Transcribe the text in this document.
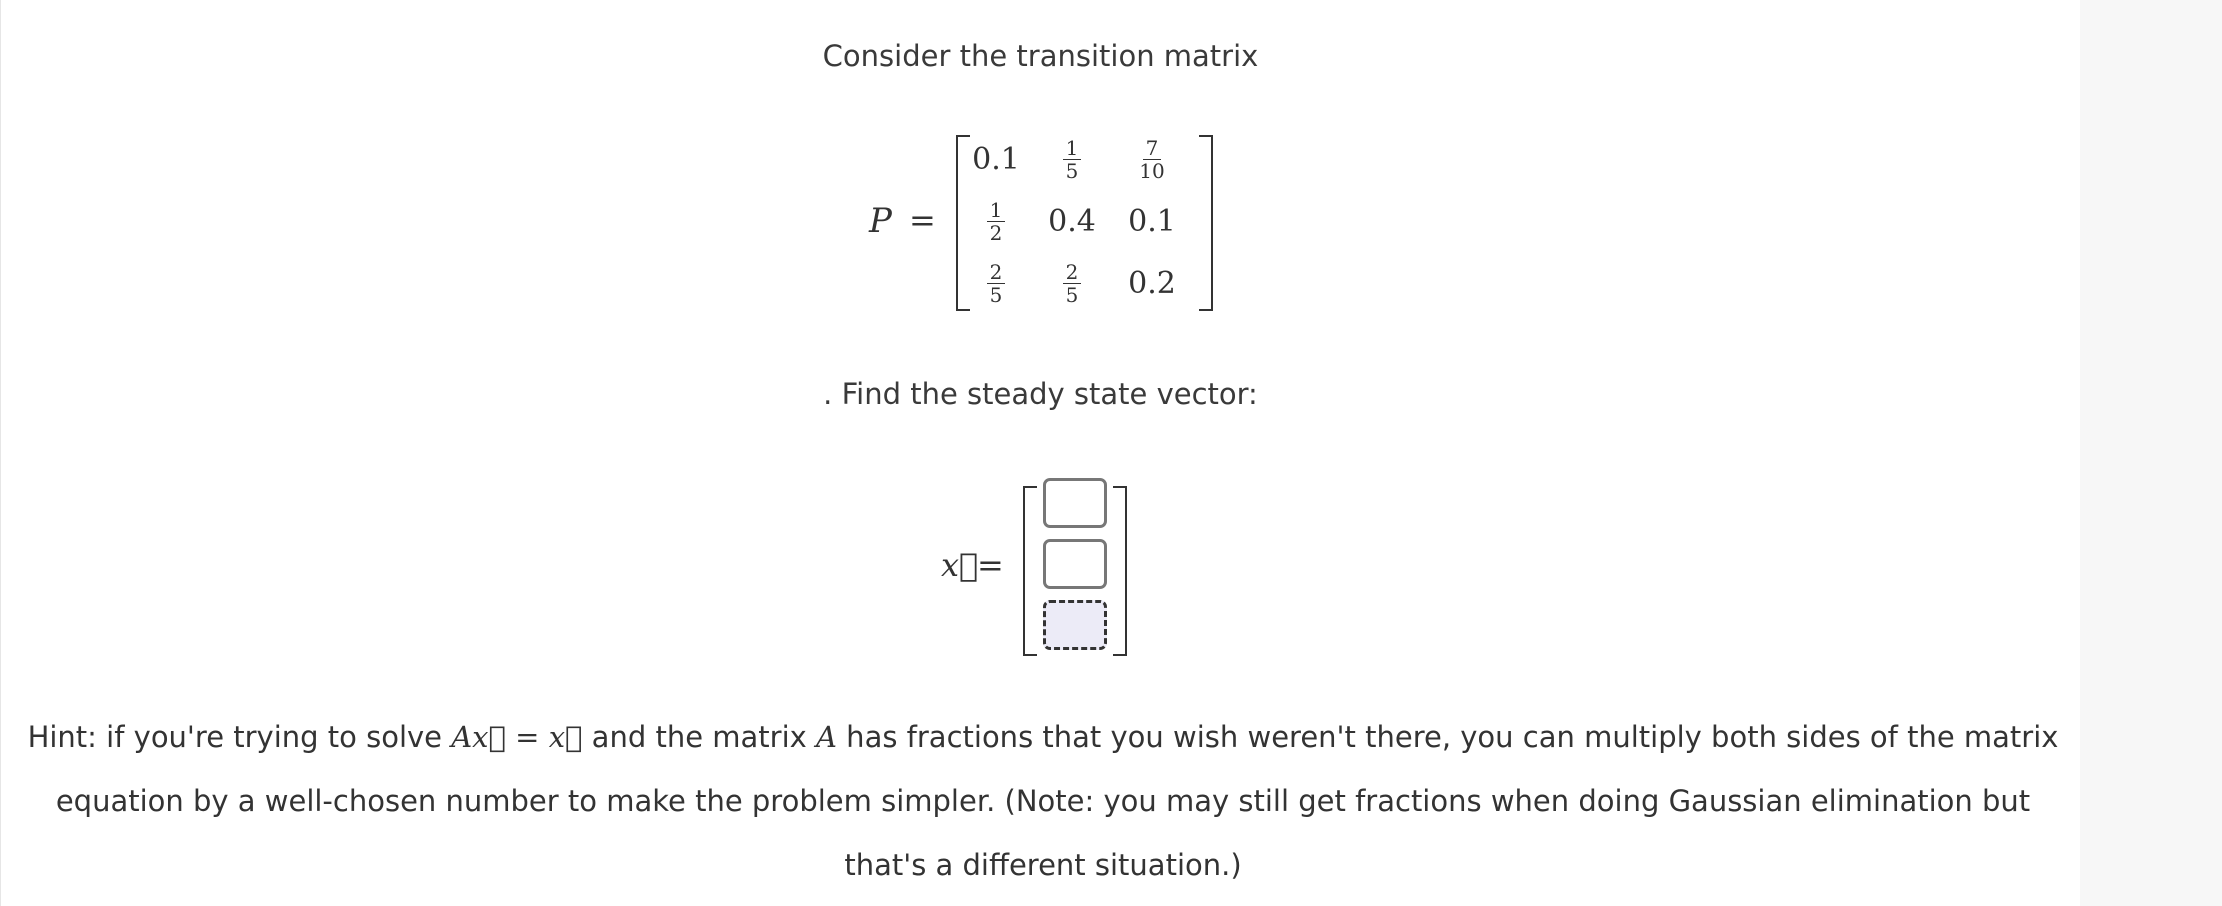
Consider the transition matrix
P =
$0.1 \frac{1}{5}$	$\frac{7}{10}$
$\frac{1}{2} 0.4$ 0.1
$\frac{2}{5}$	$\frac{2}{5} 0.2$
. Find the steady state vector:
x⃗
=
Hint: if you're trying to solve Ax⃗ = x⃗ and the matrix A has fractions that you wish weren't there, you can multiply both sides of the matrix equation by a well-chosen number to make the problem simpler. (Note: you may still get fractions when doing Gaussian elimination but that's a different situation.)
